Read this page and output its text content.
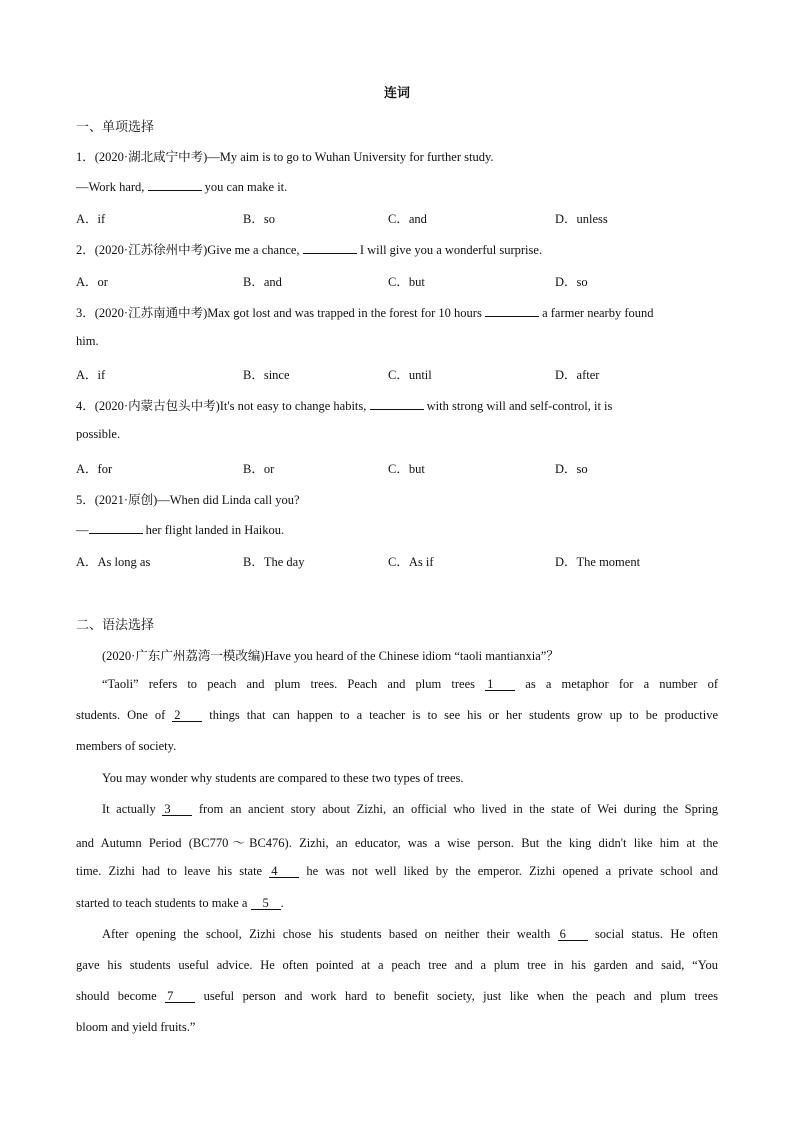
连词
一、单项选择
1．(2020·湖北咸宁中考)—My aim is to go to Wuhan University for further study.
—Work hard,	you can make it.
A．if	B．so	C．and	D．unless
2．(2020·江苏徐州中考)Give me a chance,	I will give you a wonderful surprise.
A．or	B．and	C．but	D．so
3．(2020·江苏南通中考)Max got lost and was trapped in the forest for 10 hours	a farmer nearby found
him.
A．if	B．since	C．until	D．after
4．(2020·内蒙古包头中考)It's not easy to change habits,	with strong will and self-control, it is
possible.
A．for	B．or	C．but	D．so
5．(2021·原创)—When did Linda call you?
—	her flight landed in Haikou.
A．As long as	B．The day	C．As if	D．The moment
二、语法选择
(2020·广东广州荔湾一模改编)Have you heard of the Chinese idiom “taoli mantianxia”？
“Taoli” refers to peach and plum trees. Peach and plum trees 1 as a metaphor for a number of
students. One of 2 things that can happen to a teacher is to see his or her students grow up to be productive
members of society.
You may wonder why students are compared to these two types of trees.
It actually 3 from an ancient story about Zizhi, an official who lived in the state of Wei during the Spring
and Autumn Period (BC770～BC476). Zizhi, an educator, was a wise person. But the king didn't like him at the
time. Zizhi had to leave his state 4 he was not well liked by the emperor. Zizhi opened a private school and
started to teach students to make a 5 .
After opening the school, Zizhi chose his students based on neither their wealth 6 social status. He often
gave his students useful advice. He often pointed at a peach tree and a plum tree in his garden and said, “You
should become 7 useful person and work hard to benefit society, just like when the peach and plum trees
bloom and yield fruits.”
